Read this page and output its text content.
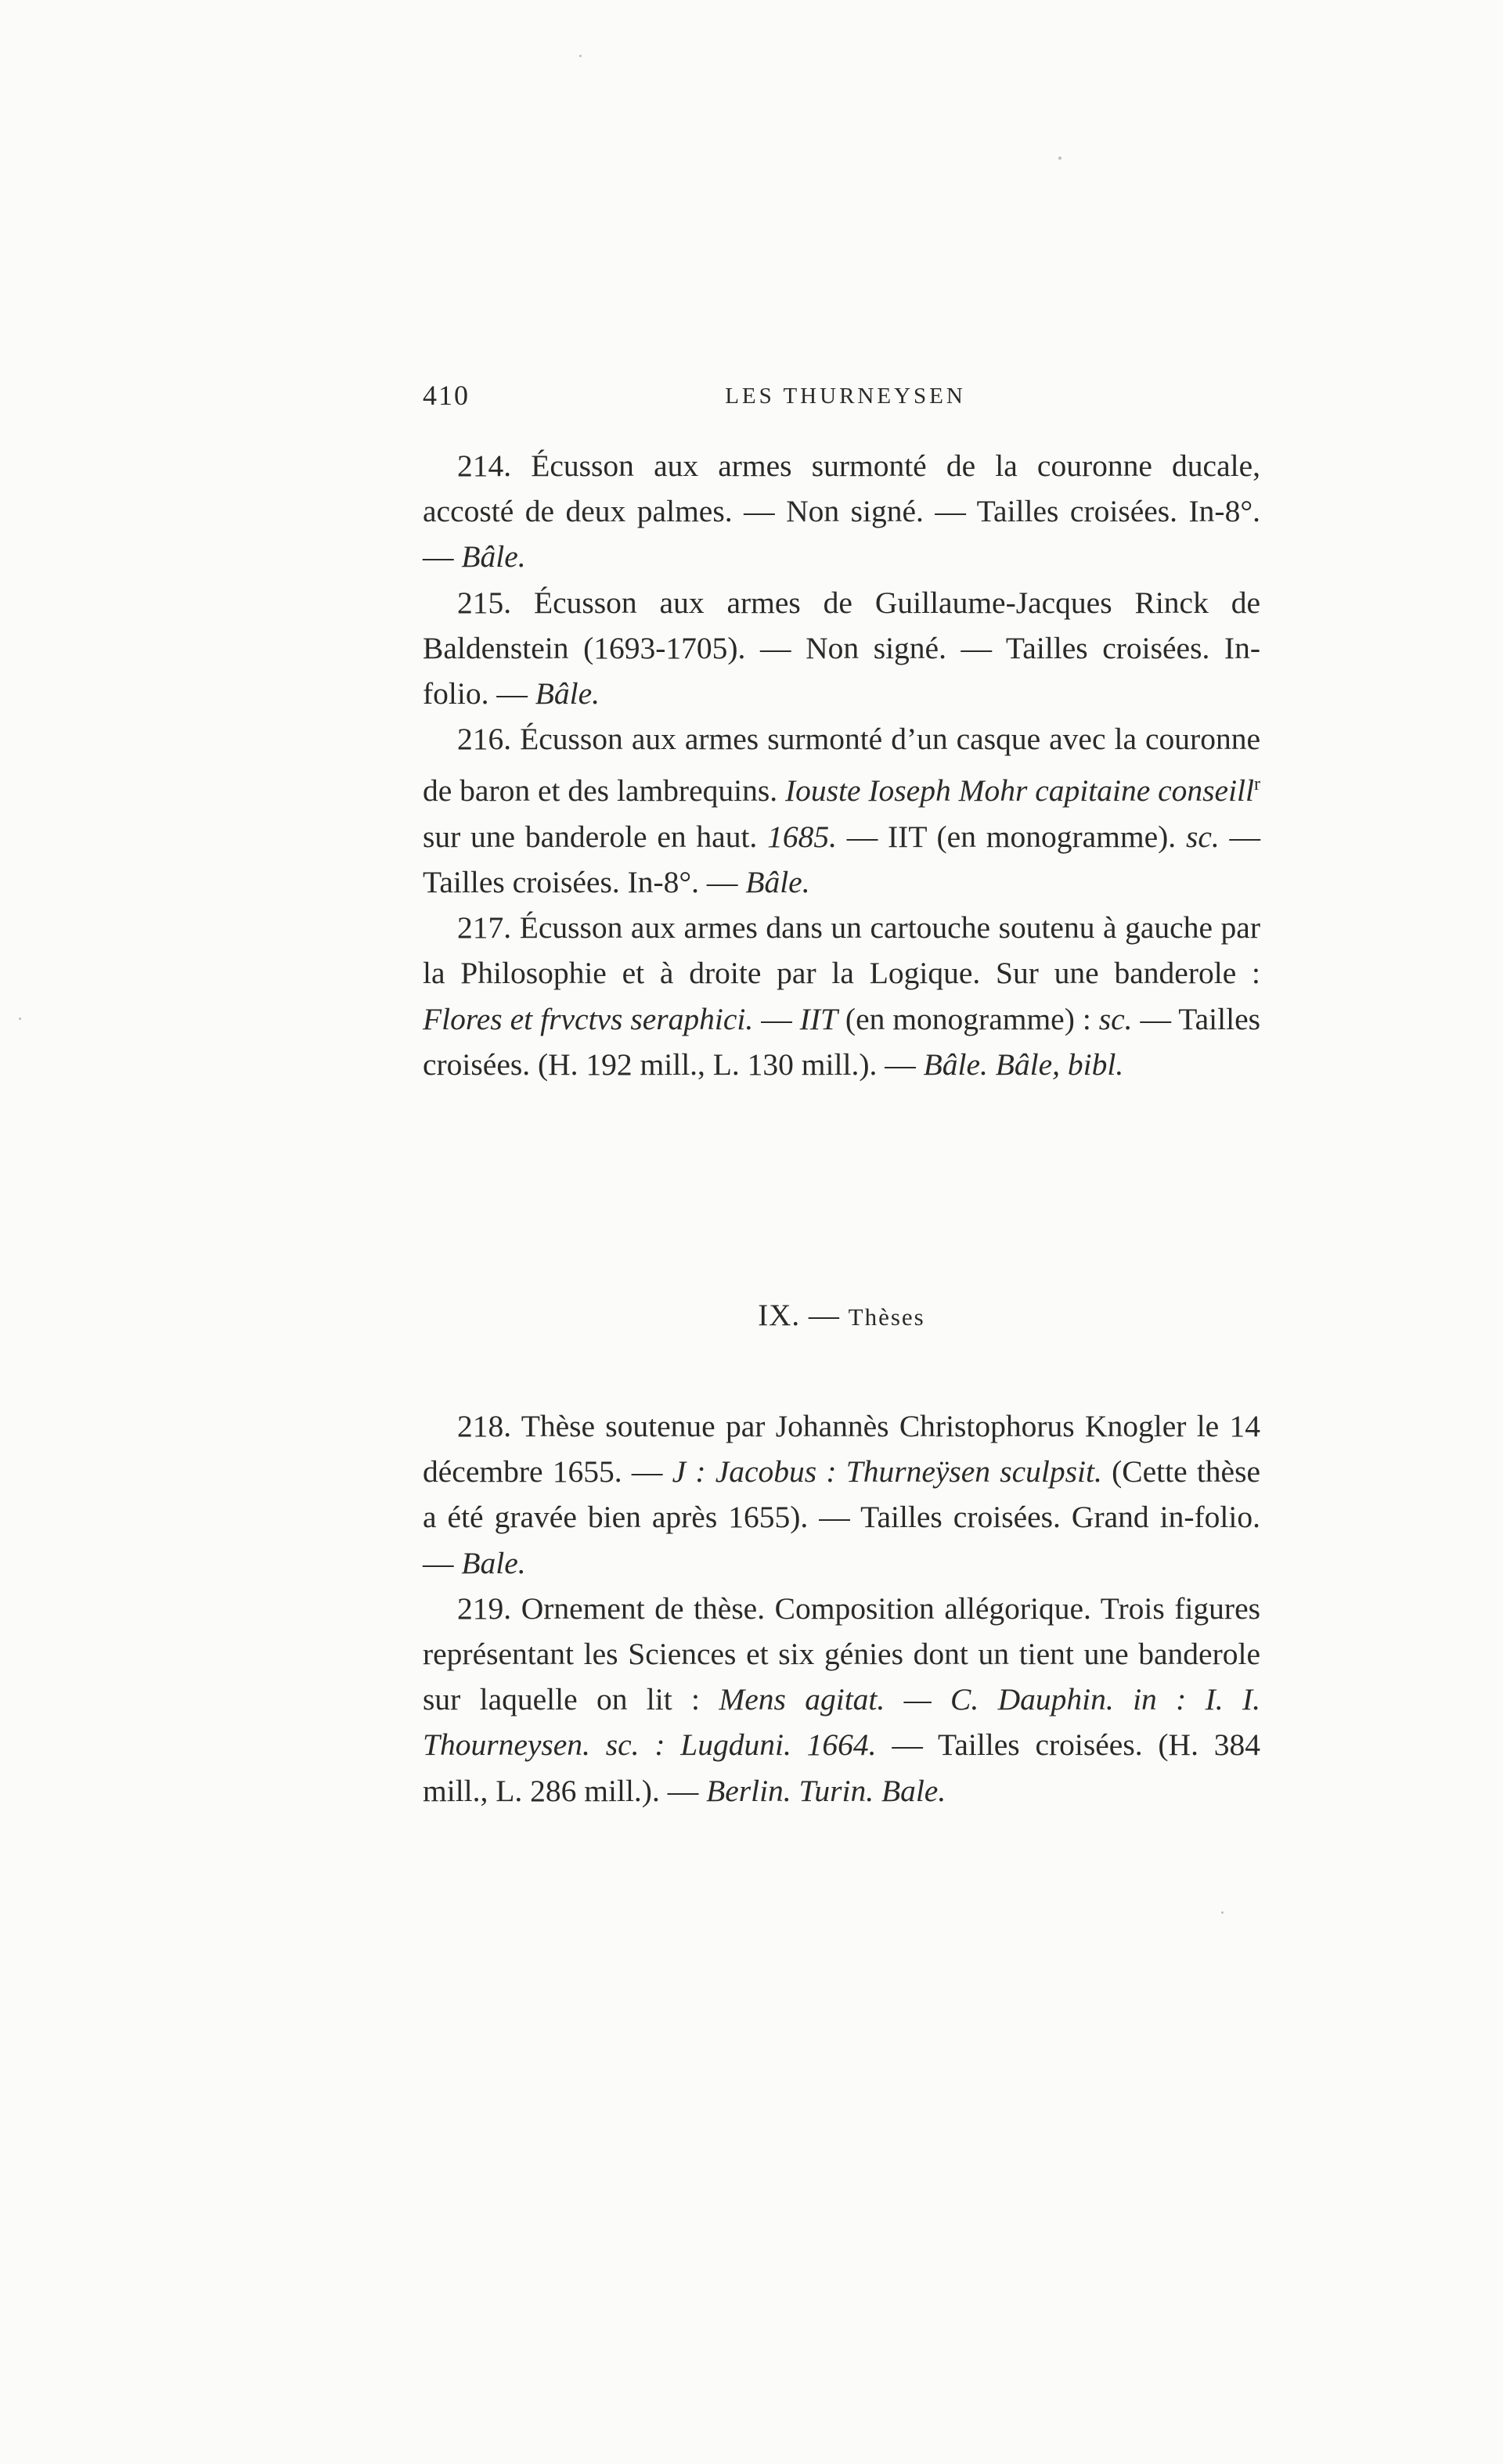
410	LES THURNEYSEN

214. Écusson aux armes surmonté de la couronne ducale, accosté de deux palmes. — Non signé. — Tailles croisées. In-8°. — Bâle.

215. Écusson aux armes de Guillaume-Jacques Rinck de Baldenstein (1693-1705). — Non signé. — Tailles croisées. In-folio. — Bâle.

216. Écusson aux armes surmonté d’un casque avec la couronne de baron et des lambrequins. Iouste Ioseph Mohr capitaine conseill$^r$ sur une banderole en haut. 1685. — IIT (en monogramme). sc. — Tailles croisées. In-8°. — Bâle.

217. Écusson aux armes dans un cartouche soutenu à gauche par la Philosophie et à droite par la Logique. Sur une banderole : Flores et frvctvs seraphici. — IIT (en monogramme) : sc. — Tailles croisées. (H. 192 mill., L. 130 mill.). — Bâle. Bâle, bibl.

IX. — Thèses

218. Thèse soutenue par Johannès Christophorus Knogler le 14 décembre 1655. — J : Jacobus : Thurneÿsen sculpsit. (Cette thèse a été gravée bien après 1655). — Tailles croisées. Grand in-folio. — Bale.

219. Ornement de thèse. Composition allégorique. Trois figures représentant les Sciences et six génies dont un tient une banderole sur laquelle on lit : Mens agitat. — C. Dauphin. in : I. I. Thourneysen. sc. : Lugduni. 1664. — Tailles croisées. (H. 384 mill., L. 286 mill.). — Berlin. Turin. Bale.
